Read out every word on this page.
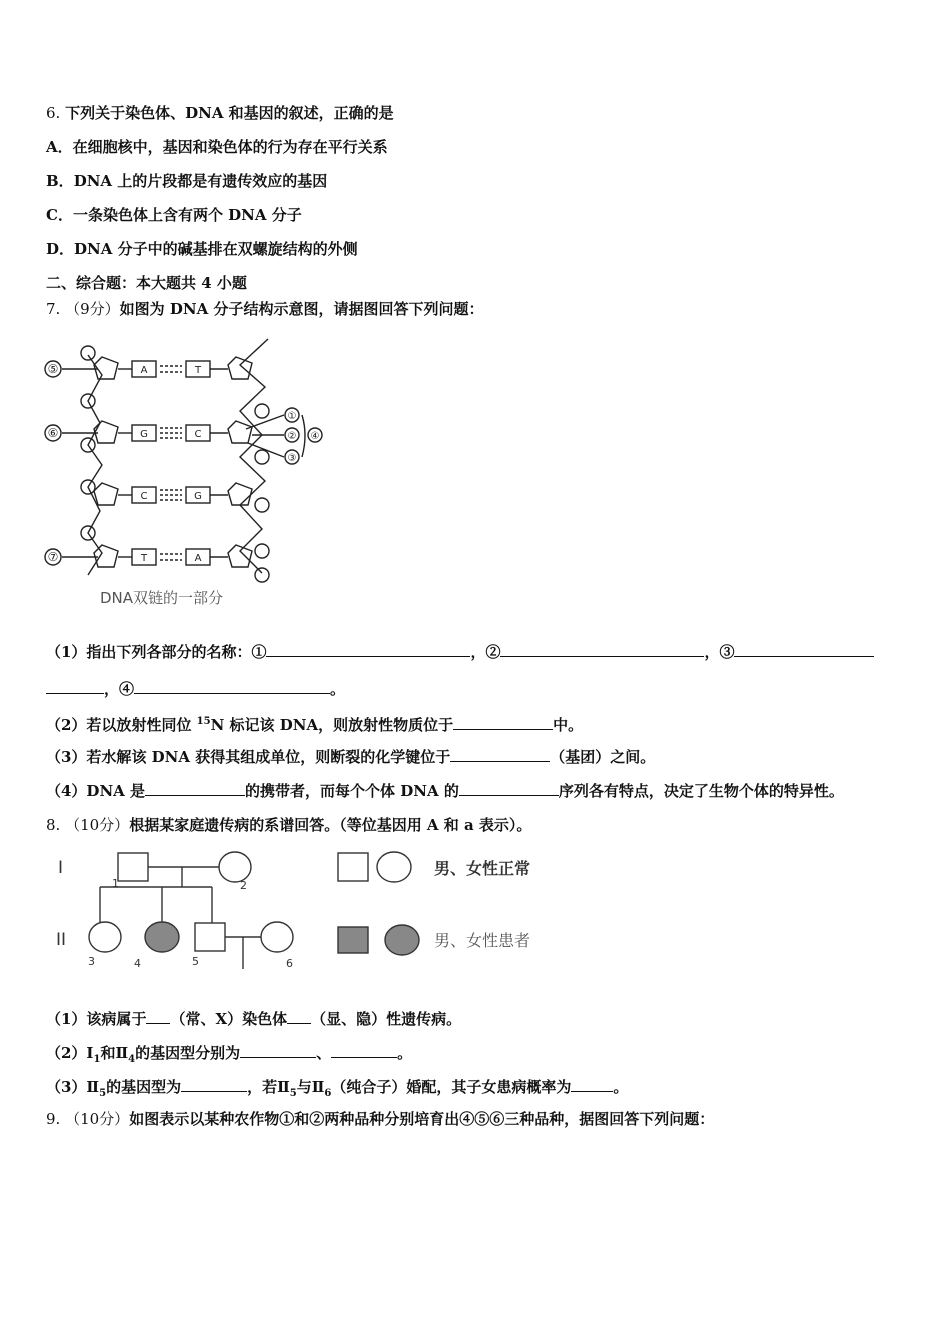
6. 下列关于染色体、DNA 和基因的叙述，正确的是
A．在细胞核中，基因和染色体的行为存在平行关系
B．DNA 上的片段都是有遗传效应的基因
C．一条染色体上含有两个 DNA 分子
D．DNA 分子中的碱基排在双螺旋结构的外侧
二、综合题：本大题共 4 小题
7. （9分）如图为 DNA 分子结构示意图，请据图回答下列问题：
A	T
G	C
C	G
T	A
⑤
⑥
⑦
①
②
③
④
DNA双链的一部分
（1）指出下列各部分的名称：①	，②	，③
，④	。
（2）若以放射性同位 $^{15}$N 标记该 DNA，则放射性物质位于	中。
（3）若水解该 DNA 获得其组成单位，则断裂的化学键位于	（基团）之间。
（4）DNA 是	的携带者，而每个个体 DNA 的	序列各有特点，决定了生物个体的特异性。
8. （10分）根据某家庭遗传病的系谱回答。（等位基因用 A 和 a 表示）。
I
II
1	2
3	4	5	6
男、女性正常
男、女性患者
（1）该病属于 （常、X）染色体 （显、隐）性遗传病。
$(2)Ⅰ_1$和$Ⅱ_4$的基因型分别为	、	。
$(3)Ⅱ_5$的基因型为	，若$Ⅱ_5$与$Ⅱ_6$（纯合子）婚配，其子女患病概率为	。
9. （10分）如图表示以某种农作物①和②两种品种分别培育出④⑤⑥三种品种，据图回答下列问题：
